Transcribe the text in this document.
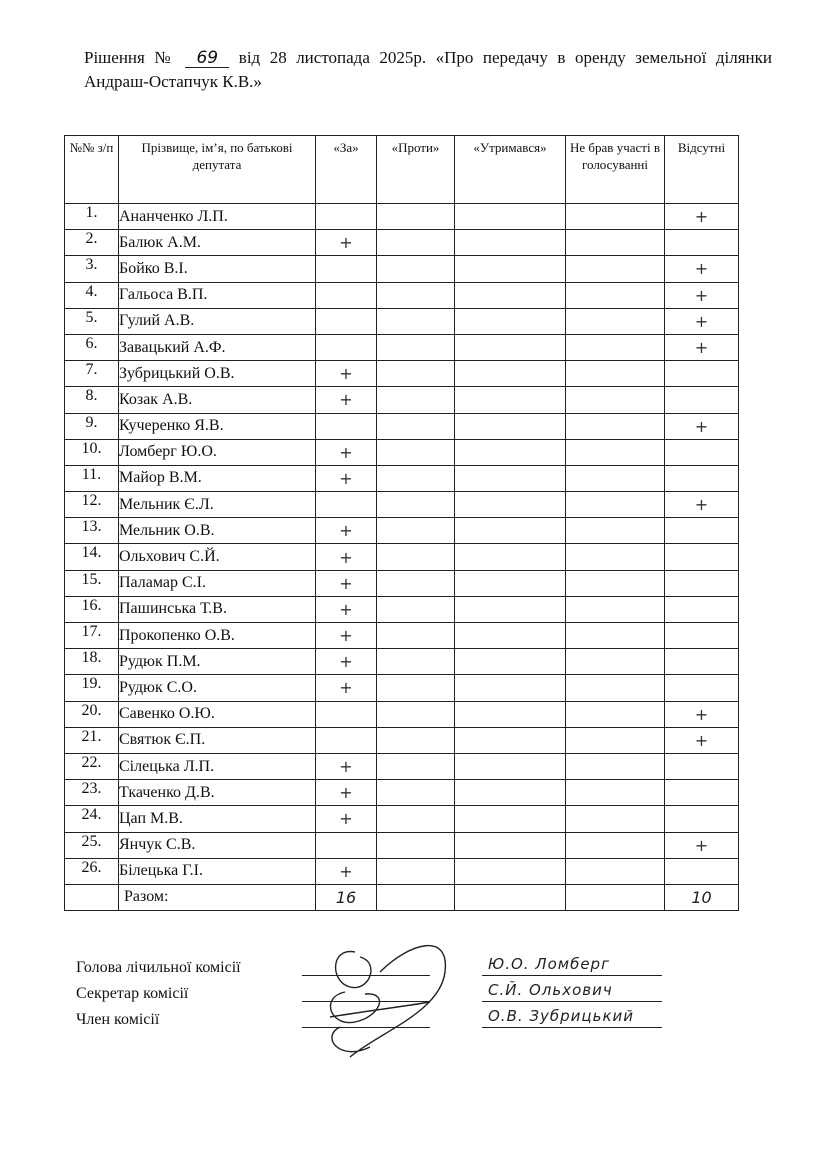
Рішення № 69 від 28 листопада 2025р. «Про передачу в оренду земельної ділянки Андраш-Остапчук К.В.»
№№ з/п	Прізвище, ім’я, по батькові депутата	«За»	«Проти»	«Утримався»	Не брав участі в голосуванні	Відсутні
1.	Ананченко Л.П.					+
2.	Балюк А.М.	+				
3.	Бойко В.І.					+
4.	Гальоса В.П.					+
5.	Гулий А.В.					+
6.	Завацький А.Ф.					+
7.	Зубрицький О.В.	+				
8.	Козак А.В.	+				
9.	Кучеренко Я.В.					+
10.	Ломберг Ю.О.	+				
11.	Майор В.М.	+				
12.	Мельник Є.Л.					+
13.	Мельник О.В.	+				
14.	Ольхович С.Й.	+				
15.	Паламар С.І.	+				
16.	Пашинська Т.В.	+				
17.	Прокопенко О.В.	+				
18.	Рудюк П.М.	+				
19.	Рудюк С.О.	+				
20.	Савенко О.Ю.					+
21.	Святюк Є.П.					+
22.	Сілецька Л.П.	+				
23.	Ткаченко Д.В.	+				
24.	Цап М.В.	+				
25.	Янчук С.В.					+
26.	Білецька Г.І.	+				
	Разом:	16				10
Голова лічильної комісії	Ю.О. Ломберг
Секретар комісії	С.Й. Ольхович
Член комісії	О.В. Зубрицький
